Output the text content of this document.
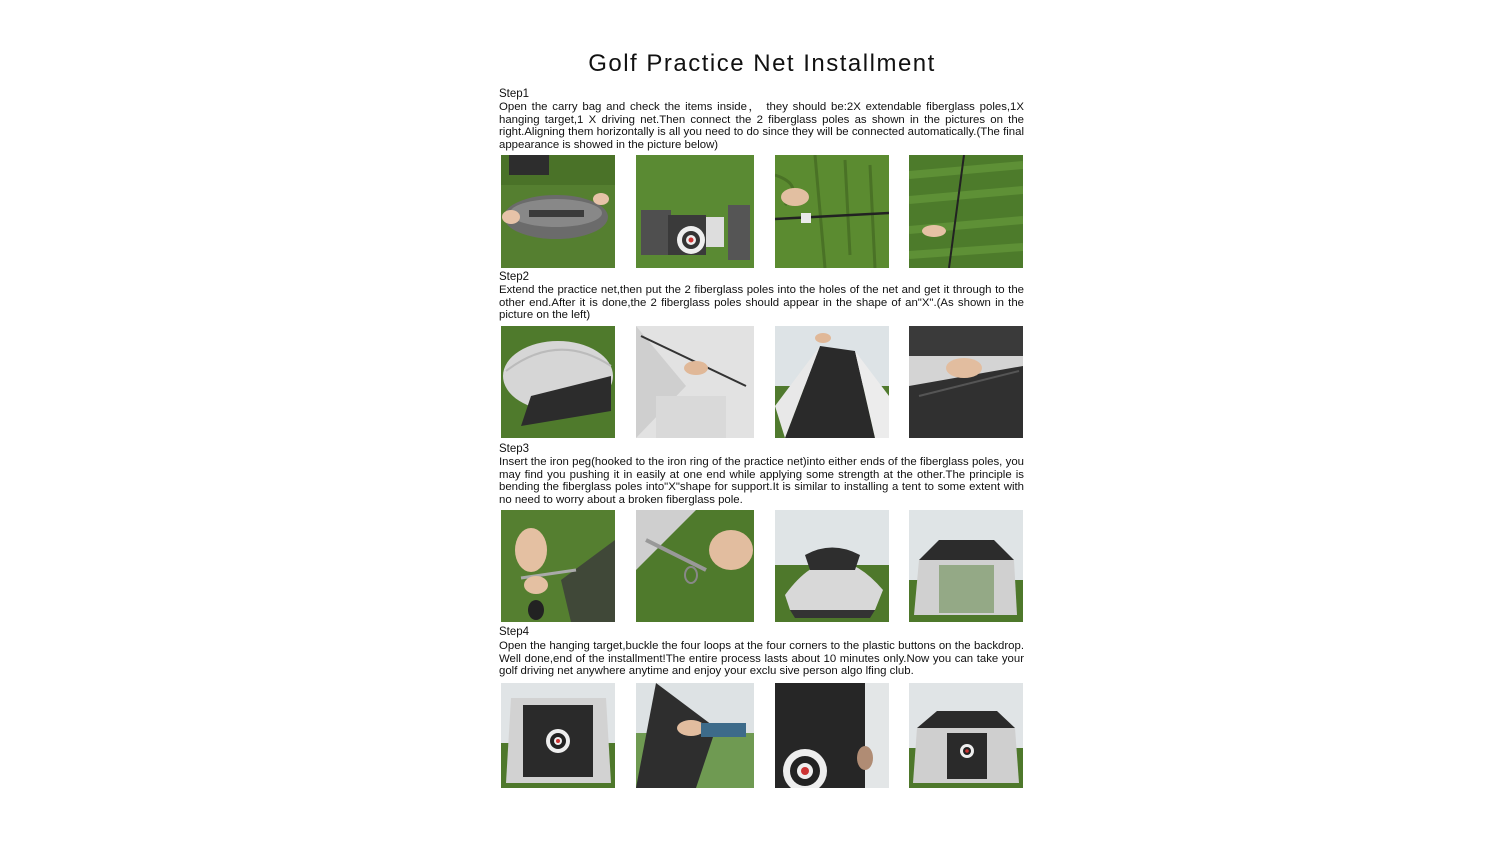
Golf Practice Net Installment
Step1
Open the carry bag and check the items inside， they should be:2X extendable fiberglass poles,1X hanging target,1 X driving net.Then connect the 2 fiberglass poles as shown in the pictures on the right.Aligning them horizontally is all you need to do since they will be connected automatically.(The final appearance is showed in the picture below)
Step2
Extend the practice net,then put the 2 fiberglass poles into the holes of the net and get it through to the other end.After it is done,the 2 fiberglass poles should appear in the shape of an"X".(As shown in the picture on the left)
Step3
Insert the iron peg(hooked to the iron ring of the practice net)into either ends of the fiberglass poles, you may find you pushing it in easily at one end while applying some strength at the other.The principle is bending the fiberglass poles into"X"shape for support.It is similar to installing a tent to some extent with no need to worry about a broken fiberglass pole.
Step4
Open the hanging target,buckle the four loops at the four corners to the plastic buttons on the backdrop. Well done,end of the installment!The entire process lasts about 10 minutes only.Now you can take your golf driving net anywhere anytime and enjoy your exclu sive person algo lfing club.
